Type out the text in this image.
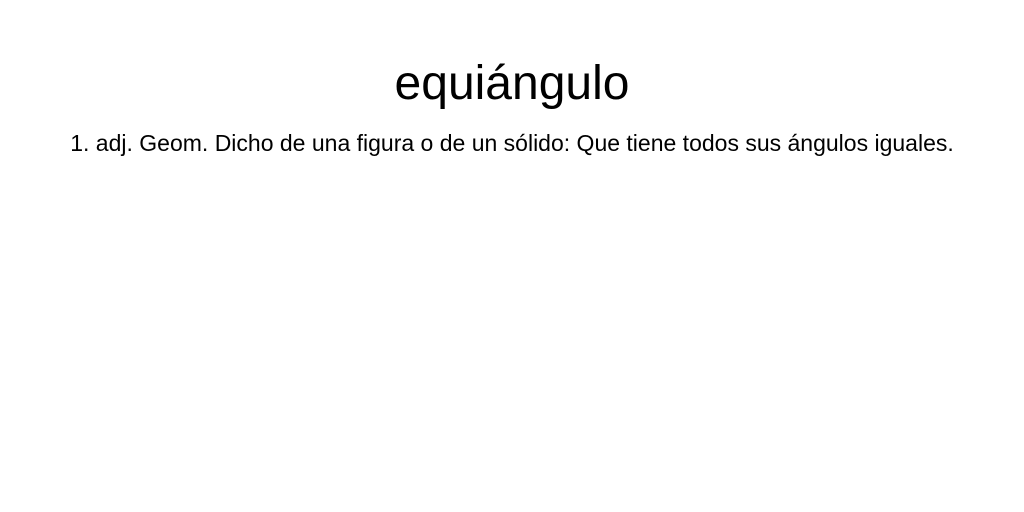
equiángulo

1. adj. Geom. Dicho de una figura o de un sólido: Que tiene todos sus ángulos iguales.
